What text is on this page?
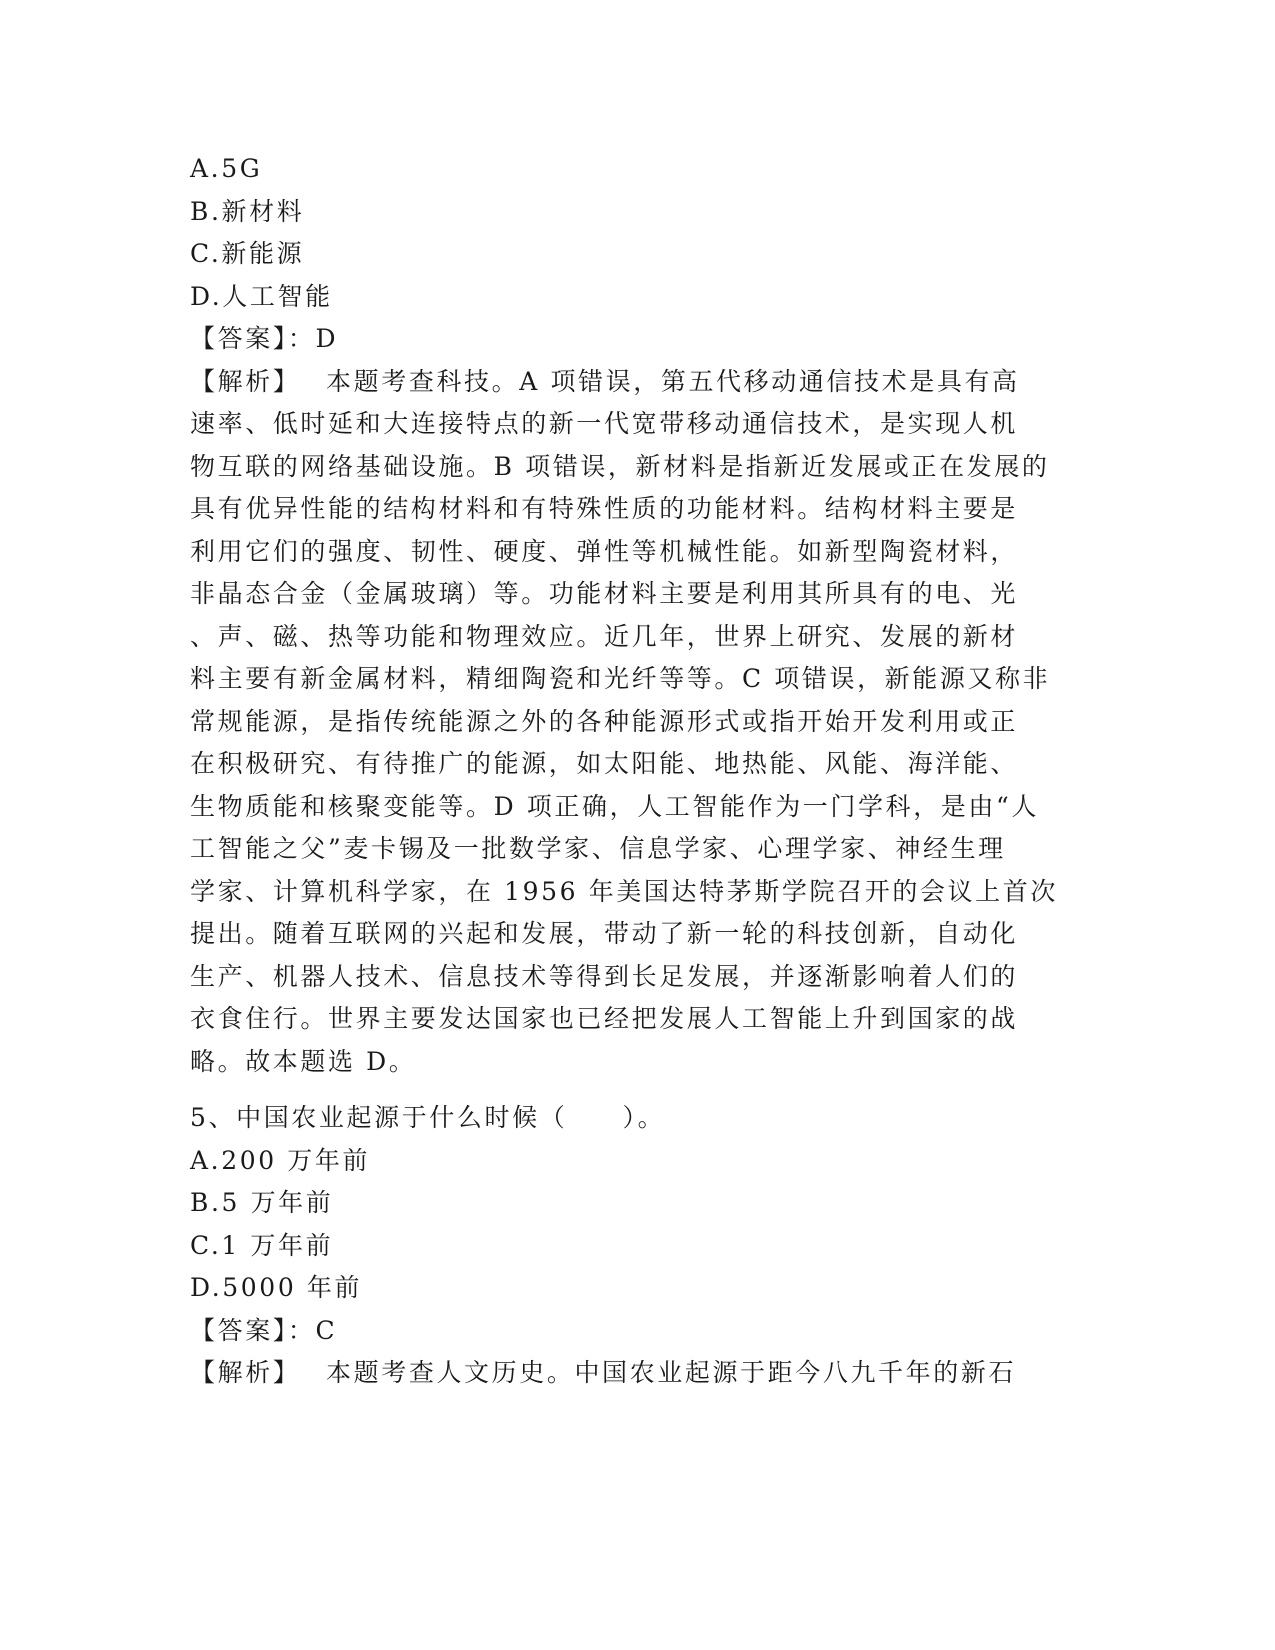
A.5G
B.新材料
C.新能源
D.人工智能
【答案】：D
【解析】　 本题考查科技。A 项错误，第五代移动通信技术是具有高
速率、低时延和大连接特点的新一代宽带移动通信技术，是实现人机
物互联的网络基础设施。B 项错误，新材料是指新近发展或正在发展的
具有优异性能的结构材料和有特殊性质的功能材料。结构材料主要是
利用它们的强度、韧性、硬度、弹性等机械性能。如新型陶瓷材料，
非晶态合金（金属玻璃）等。功能材料主要是利用其所具有的电、光
、声、磁、热等功能和物理效应。近几年，世界上研究、发展的新材
料主要有新金属材料，精细陶瓷和光纤等等。C 项错误，新能源又称非
常规能源，是指传统能源之外的各种能源形式或指开始开发利用或正
在积极研究、有待推广的能源，如太阳能、地热能、风能、海洋能、
生物质能和核聚变能等。D 项正确，人工智能作为一门学科，是由“人
工智能之父”麦卡锡及一批数学家、信息学家、心理学家、神经生理
学家、计算机科学家，在 1956 年美国达特茅斯学院召开的会议上首次
提出。随着互联网的兴起和发展，带动了新一轮的科技创新，自动化
生产、机器人技术、信息技术等得到长足发展，并逐渐影响着人们的
衣食住行。世界主要发达国家也已经把发展人工智能上升到国家的战
略。故本题选 D。
5、中国农业起源于什么时候（　　）。
A.200 万年前
B.5 万年前
C.1 万年前
D.5000 年前
【答案】：C
【解析】　 本题考查人文历史。中国农业起源于距今八九千年的新石
